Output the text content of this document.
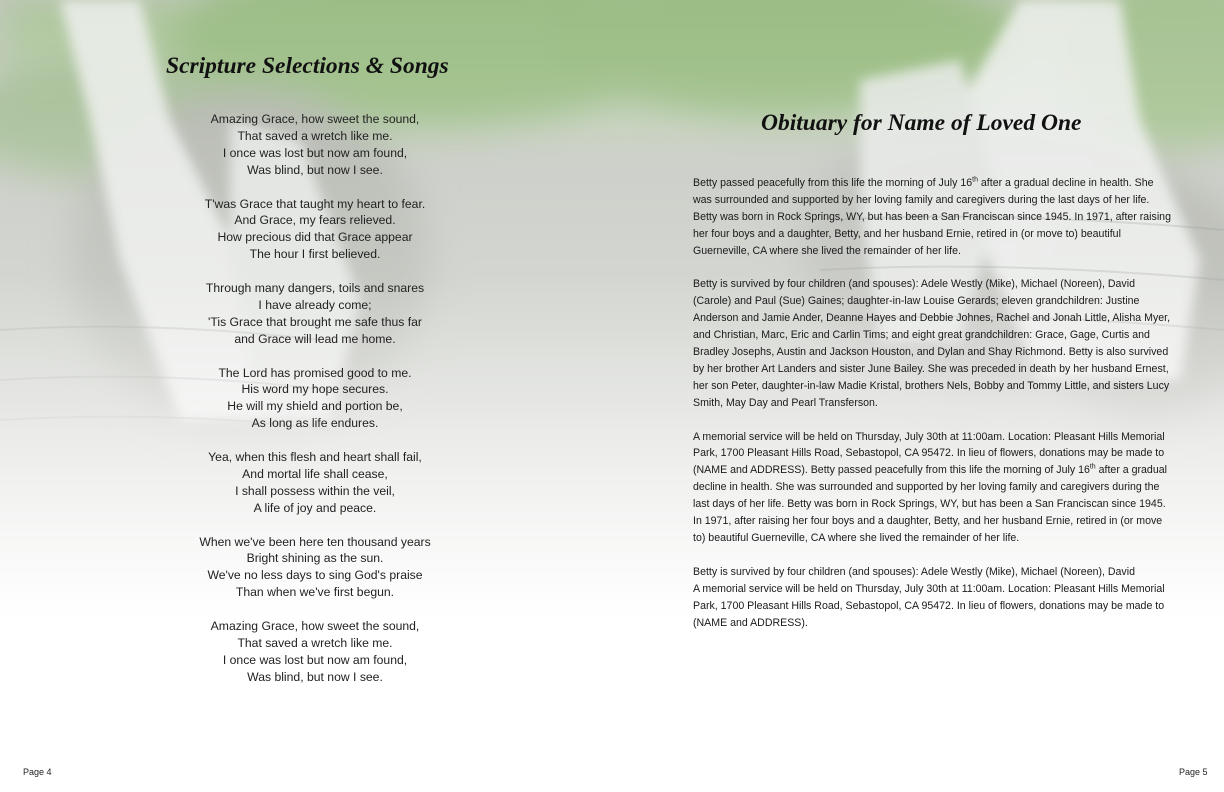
Scripture Selections & Songs
Amazing Grace, how sweet the sound,
That saved a wretch like me.
I once was lost but now am found,
Was blind, but now I see.
T'was Grace that taught my heart to fear.
And Grace, my fears relieved.
How precious did that Grace appear
The hour I first believed.
Through many dangers, toils and snares
I have already come;
'Tis Grace that brought me safe thus far
and Grace will lead me home.
The Lord has promised good to me.
His word my hope secures.
He will my shield and portion be,
As long as life endures.
Yea, when this flesh and heart shall fail,
And mortal life shall cease,
I shall possess within the veil,
A life of joy and peace.
When we've been here ten thousand years
Bright shining as the sun.
We've no less days to sing God's praise
Than when we've first begun.
Amazing Grace, how sweet the sound,
That saved a wretch like me.
I once was lost but now am found,
Was blind, but now I see.
Page 4
Obituary for Name of Loved One

Betty passed peacefully from this life the morning of July 16th after a gradual decline in health. She was surrounded and supported by her loving family and caregivers during the last days of her life. Betty was born in Rock Springs, WY, but has been a San Franciscan since 1945. In 1971, after raising her four boys and a daughter, Betty, and her husband Ernie, retired in (or move to) beautiful Guerneville, CA where she lived the remainder of her life.

Betty is survived by four children (and spouses): Adele Westly (Mike), Michael (Noreen), David (Carole) and Paul (Sue) Gaines; daughter-in-law Louise Gerards; eleven grandchildren: Justine Anderson and Jamie Ander, Deanne Hayes and Debbie Johnes, Rachel and Jonah Little, Alisha Myer, and Christian, Marc, Eric and Carlin Tims; and eight great grandchildren: Grace, Gage, Curtis and Bradley Josephs, Austin and Jackson Houston, and Dylan and Shay Richmond. Betty is also survived by her brother Art Landers and sister June Bailey. She was preceded in death by her husband Ernest, her son Peter, daughter-in-law Madie Kristal, brothers Nels, Bobby and Tommy Little, and sisters Lucy Smith, May Day and Pearl Transferson.

A memorial service will be held on Thursday, July 30th at 11:00am. Location: Pleasant Hills Memorial Park, 1700 Pleasant Hills Road, Sebastopol, CA 95472. In lieu of flowers, donations may be made to (NAME and ADDRESS). Betty passed peacefully from this life the morning of July 16th after a gradual decline in health. She was surrounded and supported by her loving family and caregivers during the last days of her life. Betty was born in Rock Springs, WY, but has been a San Franciscan since 1945. In 1971, after raising her four boys and a daughter, Betty, and her husband Ernie, retired in (or move to) beautiful Guerneville, CA where she lived the remainder of her life.

Betty is survived by four children (and spouses): Adele Westly (Mike), Michael (Noreen), David
A memorial service will be held on Thursday, July 30th at 11:00am. Location: Pleasant Hills Memorial Park, 1700 Pleasant Hills Road, Sebastopol, CA 95472. In lieu of flowers, donations may be made to (NAME and ADDRESS).

Page 5
